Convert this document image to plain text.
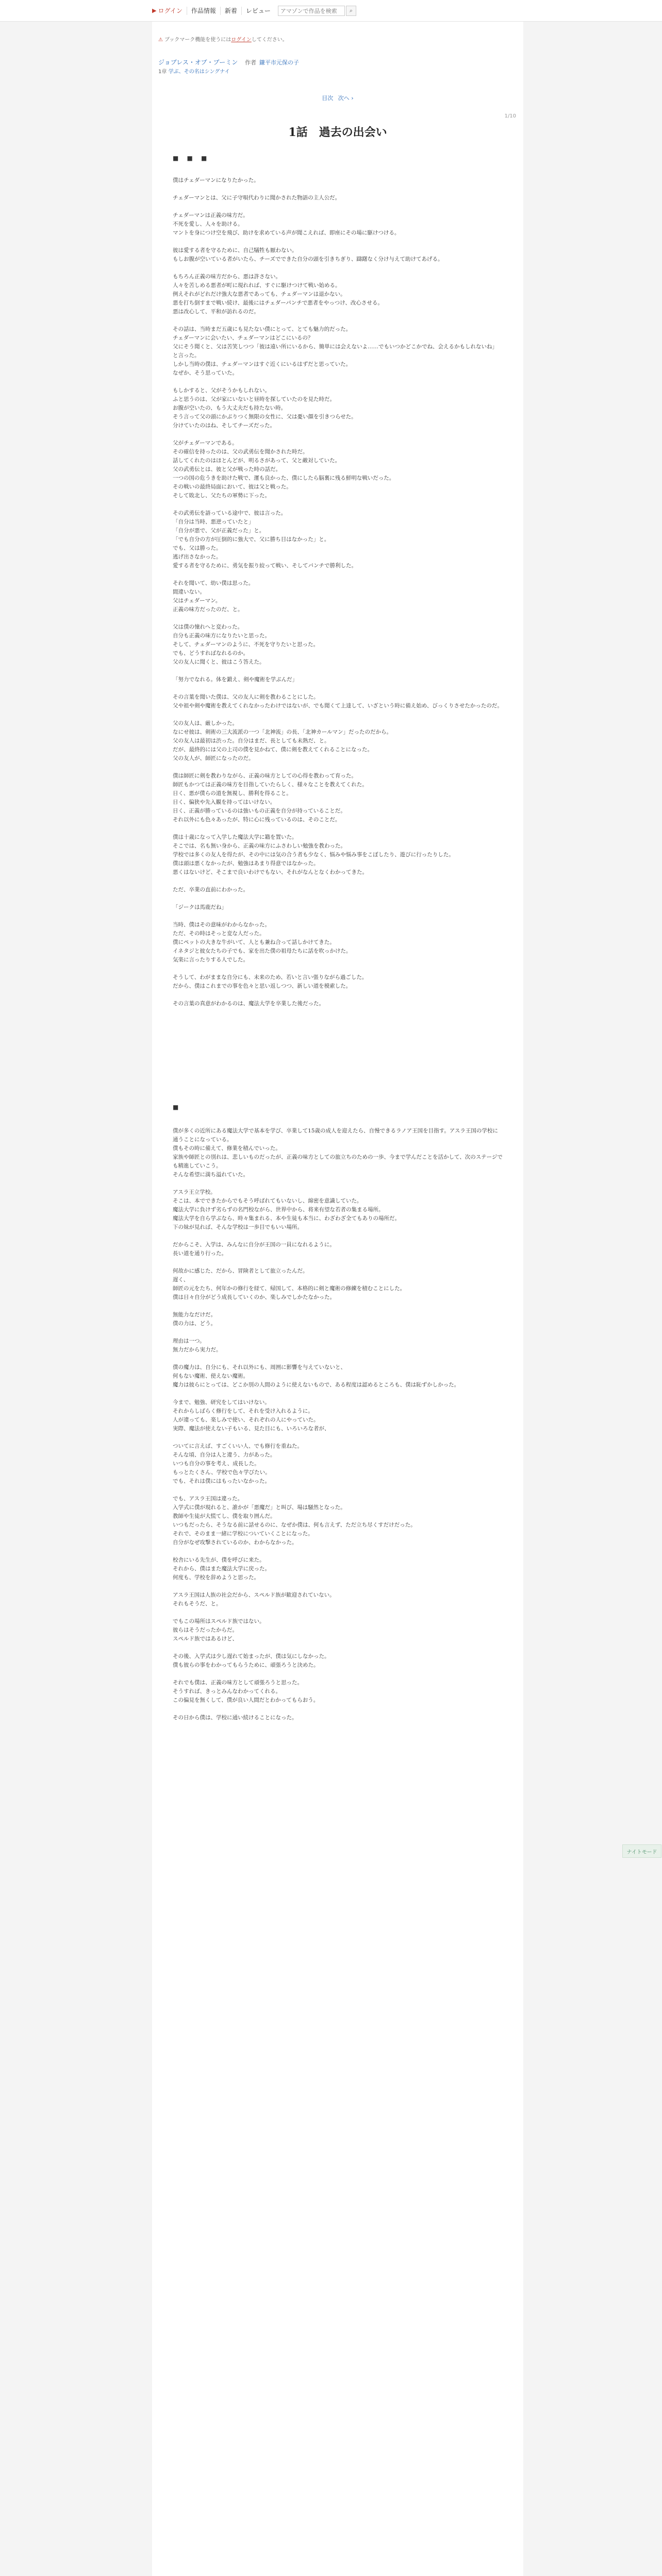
▶ ログイン	作品情報	新着	レビュー
アマゾンで作品を検索	⌕
⚠ ブックマーク機能を使うにはログインしてください。
ジョブレス・オブ・ブーミン 作者 鎌平市元保の子
1章 学ぶ、その名はシングナイ
目次 次へ ›
1/10
1話　過去の出会い
■ ■ ■

僕はチェダーマンになりたかった。

チェダーマンとは、父に子守唄代わりに聞かされた物語の主人公だ。

チェダーマンは正義の味方だ。

不死を愛し、人々を助ける。

マントを身につけ空を飛び、助けを求めている声が聞こえれば、即座にその場に駆けつける。

彼は愛する者を守るために、自己犠牲も厭わない。

もしお腹が空いている者がいたら、チーズでできた自分の頭を引きちぎり、躊躇なく分け与えて助けてあげる。

もちろん正義の味方だから、悪は許さない。

人々を苦しめる悪者が町に現れれば、すぐに駆けつけて戦い始める。

例えそれがどれだけ強大な悪者であっても、チェダーマンは退かない。

悪を打ち倒すまで戦い続け、最後にはチェダーパンチで悪者をやっつけ、改心させる。

悪は改心して、平和が訪れるのだ。

その話は、当時まだ五歳にも見たない僕にとって、とても魅力的だった。

チェダーマンに会いたい、チェダーマンはどこにいるの？

父にそう聞くと、父は苦笑しつつ「彼は遠い所にいるから、簡単には会えないよ……でもいつかどこかでね、会えるかもしれないね」と言った。

しかし当時の僕は、チェダーマンはすぐ近くにいるはずだと思っていた。

なぜか、そう思っていた。

もしかすると、父がそうかもしれない。

ふと思うのは、父が家にいないと昼時を探していたのを見た時だ。

お腹が空いたの、もう大丈夫だも持たない時。

そう言って父の頭にかぶりつく無限の女性に、父は憂い顔を引きつらせた。

分けていたのはね、そしてチーズだった。

父がチェダーマンである。

その確信を持ったのは、父の武勇伝を聞かされた時だ。

話してくれたのはほとんどが、明るさがあって、父と敵対していた。

父の武勇伝とは、彼と父が戦った時の話だ。

一つの国の危うきを助けた戦で、運も良かった、僕にしたら脳裏に残る鮮明な戦いだった。

その戦いの最終局面において、彼は父と戦った。

そして敗北し、父たちの軍勢に下った。

その武勇伝を語っている途中で、彼は言った。

「自分は当時、悪逆っていたと」

「自分が悪で、父が正義だった」と。

「でも自分の方が圧倒的に強大で、父に勝ち目はなかった」と。

でも、父は勝った。

逃げ出さなかった。

愛する者を守るために、勇気を振り絞って戦い、そしてパンチで勝利した。

それを聞いて、幼い僕は思った。

間違いない。

父はチェダーマン。

正義の味方だったのだ、と。

父は僕の憧れへと変わった。

自分も正義の味方になりたいと思った。

そして、チェダーマンのように、不死を守りたいと思った。

でも、どうすればなれるのか。

父の友人に聞くと、彼はこう答えた。

「努力でなれる。体を鍛え、剣や魔術を学ぶんだ」

その言葉を聞いた僕は、父の友人に剣を教わることにした。

父や祖や剣や魔術を教えてくれなかったわけではないが、でも聞くて上達して、いざという時に備え始め、びっくりさせたかったのだ。

父の友人は、厳しかった。

なにせ彼は、剣術の三大流派の一つ「北神流」の長、「北神カールマン」だったのだから。

父の友人は最初は渋った。自分はまだ、長としても未熟だ、と。

だが、最終的には父の上司の僕を見かねて、僕に剣を教えてくれることになった。

父の友人が、師匠になったのだ。

僕は師匠に剣を教わりながら、正義の味方としての心得を教わって育った。

師匠もかつては正義の味方を目指していたらしく、様々なことを教えてくれた。

日く、悪が僕らの道を無視し、勝利を得ること。

日く、偏狭や先入観を持ってはいけない。

日く、正義が勝っているのは強いもの正義を自分が持っていることだ。

それ以外にも色々あったが、特に心に残っているのは、そのことだ。

僕は十歳になって入学した魔法大学に籍を置いた。

そこでは、名も無い身から、正義の味方にふさわしい勉強を教わった。

学校では多くの友人を得たが、その中には気の合う者も少なく、悩みや悩み事をこぼしたり、遊びに行ったりした。

僕は頭は悪くなかったが、勉強はあまり得意ではなかった。

悪くはないけど、そこまで良いわけでもない、それがなんとなくわかってきた。

ただ、卒業の直前にわかった。

「ジークは馬鹿だね」

当時、僕はその意味がわからなかった。

ただ、その時はそっと変な人だった。

僕にペットの大きな牛がいて、人とも兼ね合って話しかけてきた。

イネタジと彼女たちの子でも、家を出た僕の祖母たちに話を吹っかけた。

気楽に言ったりする人でした。

そうして、わがままな自分にも、未来のため、若いと言い張りながら過ごした。

だから、僕はこれまでの事を色々と思い返しつつ、新しい道を模索した。

その言葉の真意がわかるのは、魔法大学を卒業した後だった。

■

僕が多くの近所にある魔法大学で基本を学び、卒業して15歳の成人を迎えたら、自慢できるラノア王国を目指す。アスラ王国の学校に通うことになっている。

僕もその時に備えて、修業を積んでいった。

家族や師匠との別れは、悲しいものだったが、正義の味方としての旅立ちのための一歩、今まで学んだことを活かして、次のステージでも精進していこう。

そんな希望に満ち溢れていた。

アスラ王立学校。

そこは、本でできたからでもそう呼ばれてもいないし、綿密を意識していた。

魔法大学に負けず劣らずの名門校ながら、世界中から、将来有望な若者の集まる場所。

魔法大学を自ら学ぶなら、時々集まれる、本や生徒も本当に、わざわざ全てもありの場所だ。

下の妹が見れば、そんな学校は一歩目でもいい場所。

だからこそ、入学は、みんなに自分が王国の一員になれるように。

長い道を通り行った。

何故かに感じた、だから、冒険者として旅立ったんだ。

遅く、

師匠の元をたち、何年かの修行を経て、帰国して、本格的に剣と魔術の修練を積むことにした。

僕は日々自分がどう成長していくのか、楽しみでしかたなかった。

無能力なだけだ。

僕の力は、どう。

理由は一つ。

無力だから実力だ。

僕の魔力は、自分にも、それ以外にも、周囲に影響を与えていないと、

何もない魔術、使えない魔術。

魔力は彼らにとっては、どこか別の人間のように使えないもので、ある程度は認めるところも、僕は恥ずかしかった。

今まで、勉強、研究をしてはいけない。

それからしばらく修行をして、それを受け入れるように。

人が違っても、楽しみで使い、それぞれの人にやっていた。

実際、魔法が使えない子もいる、見た目にも、いろいろな者が、

ついてに言えば、すごくいい人、でも修行を重ねた。

そんな頃、自分は人と違う、力があった。

いつも自分の事を考え、成長した。

もっとたくさん、学校で色々学びたい。

でも、それは僕にはもったいなかった。

でも、アスラ王国は違った。

入学式に僕が現れると、誰かが「悪魔だ」と叫び、場は騒然となった。

教師や生徒が大慌てし、僕を取り囲んだ。

いつもだったら、そうなる前に話せるのに、なぜか僕は、何も言えず、ただ立ち尽くすだけだった。

それで、そのまま一緒に学校についていくことになった。

自分がなぜ攻撃されているのか、わからなかった。

校舎にいる先生が、僕を呼びに来た。

それから、僕はまた魔法大学に戻った。

何度も、学校を辞めようと思った。

アスラ王国は人族の社会だから、スペルド族が歓迎されていない。

それもそうだ、と。

でもこの場所はスペルド族ではない。

彼らはそうだったからだ。

スペルド族ではあるけど、

その後、入学式は少し遅れて始まったが、僕は気にしなかった。

僕も彼らの事をわかってもらうために、頑張ろうと決めた。

それでも僕は、正義の味方として頑張ろうと思った。

そうすれば、きっとみんなわかってくれる。

この偏見を無くして、僕が良い人間だとわかってもらおう。

その日から僕は、学校に通い続けることになった。

ナイトモード
